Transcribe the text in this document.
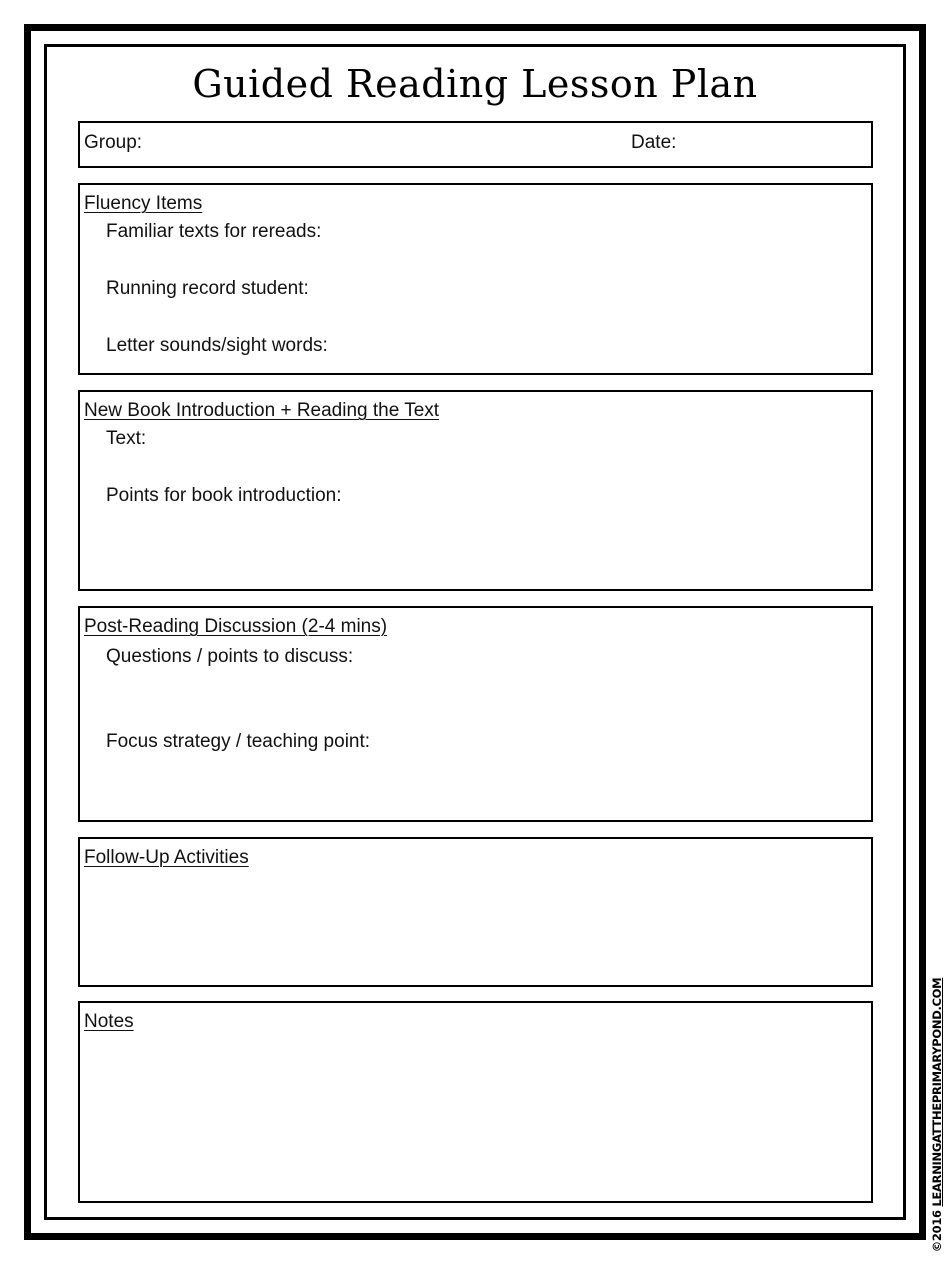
Guided Reading Lesson Plan
Group:	Date:
Fluency Items
Familiar texts for rereads:
Running record student:
Letter sounds/sight words:
New Book Introduction + Reading the Text
Text:
Points for book introduction:
Post-Reading Discussion (2-4 mins)
Questions / points to discuss:
Focus strategy / teaching point:
Follow-Up Activities
Notes
©2016 LEARNINGATTHEPRIMARYPOND.COM
